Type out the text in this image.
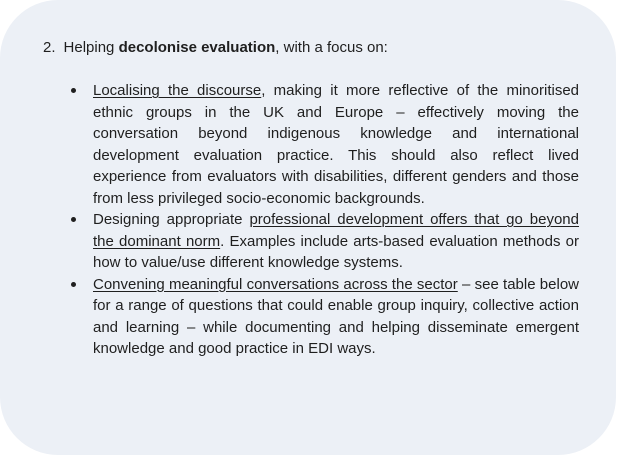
2. Helping decolonise evaluation, with a focus on:
Localising the discourse, making it more reflective of the minoritised ethnic groups in the UK and Europe – effectively moving the conversation beyond indigenous knowledge and international development evaluation practice. This should also reflect lived experience from evaluators with disabilities, different genders and those from less privileged socio-economic backgrounds.
Designing appropriate professional development offers that go beyond the dominant norm. Examples include arts-based evaluation methods or how to value/use different knowledge systems.
Convening meaningful conversations across the sector – see table below for a range of questions that could enable group inquiry, collective action and learning – while documenting and helping disseminate emergent knowledge and good practice in EDI ways.
